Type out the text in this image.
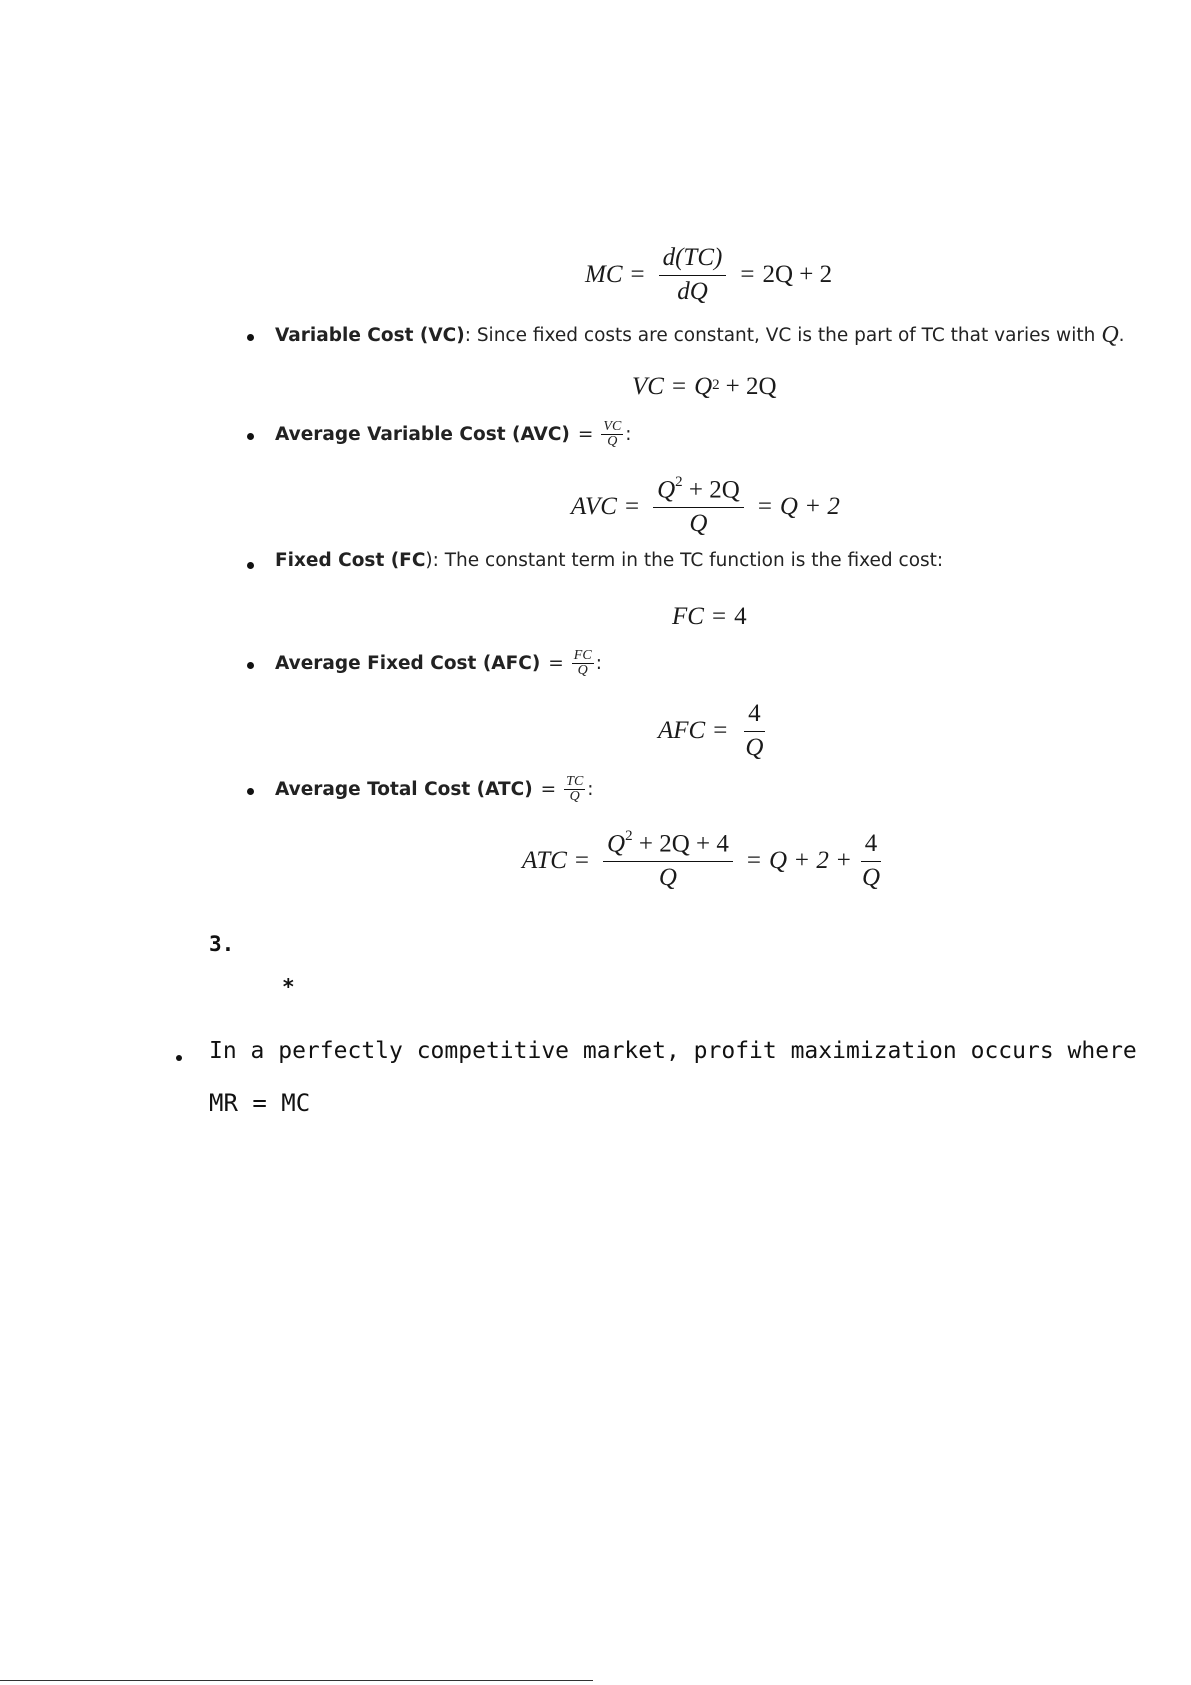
MC = $\frac{d(TC)}{dQ} = 2Q + 2$
Variable Cost (VC) : Since fixed costs are constant, VC is the part of TC that varies with Q .
VC = $Q^2 + 2Q$
Average Variable Cost $(AVC) = \frac{VC}{Q}$ :
AVC = $\frac{Q^2 + 2Q}{Q} = Q + 2$
Fixed Cost (FC ): The constant term in the TC function is the fixed cost:
FC = 4
Average Fixed Cost $(AFC) = \frac{FC}{Q}$ :
AFC = $\frac{4}{Q}$
Average Total Cost $(ATC) = \frac{TC}{Q}$ :
ATC = $\frac{Q^2 + 2Q + 4}{Q} = Q + 2 + \frac{4}{Q}$
3.
*
In a perfectly competitive market, profit maximization occurs where
MR = MC
